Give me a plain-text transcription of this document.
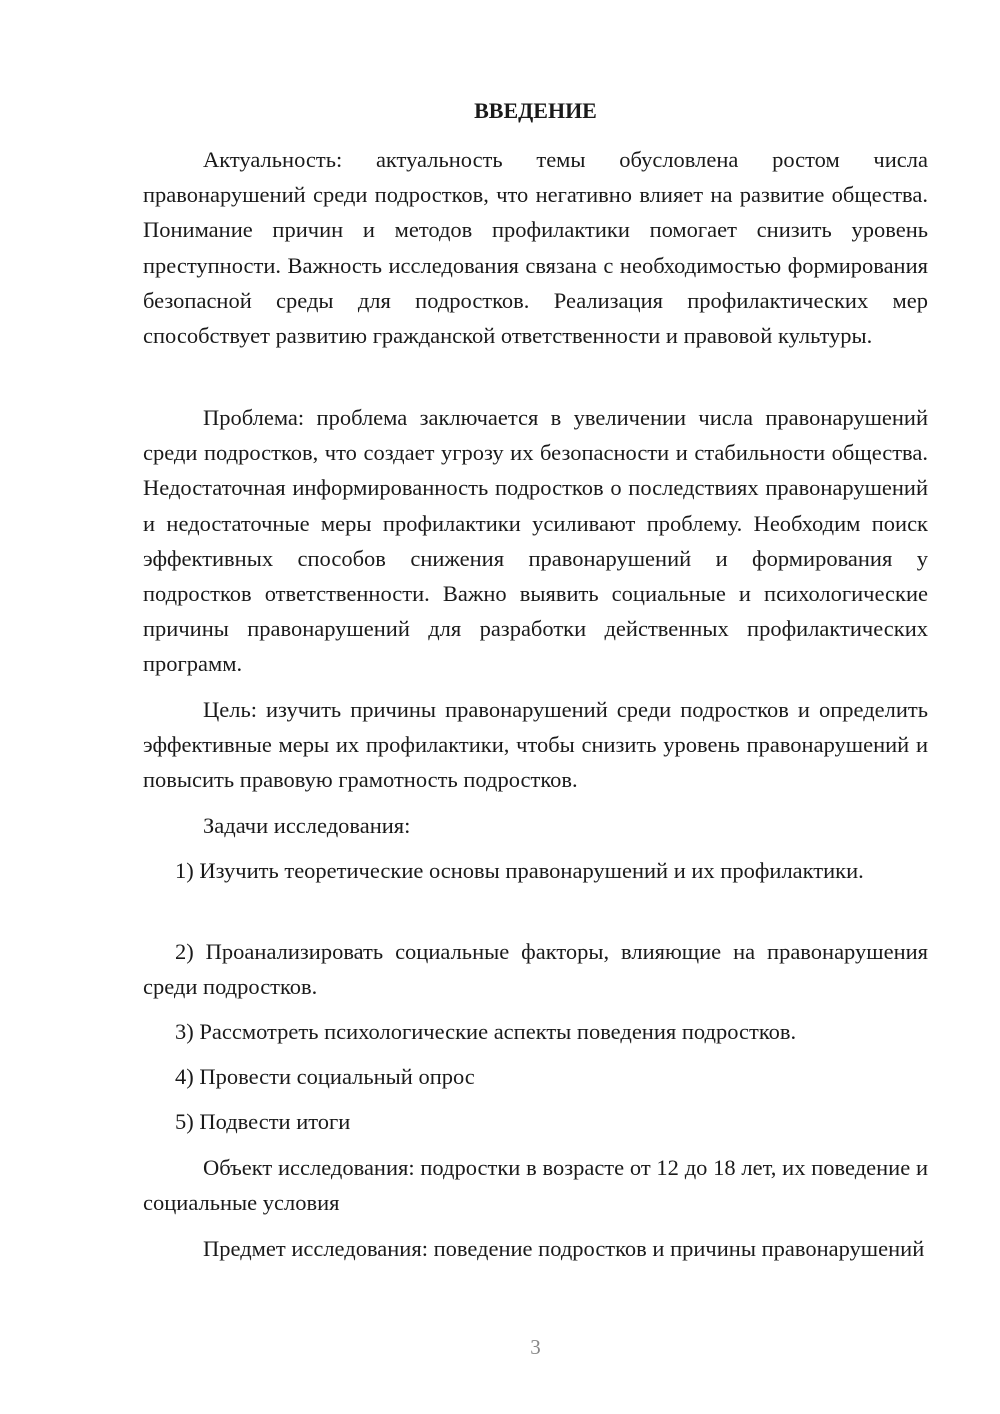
ВВЕДЕНИЕ

Актуальность: актуальность темы обусловлена ростом числа правонарушений среди подростков, что негативно влияет на развитие общества. Понимание причин и методов профилактики помогает снизить уровень преступности. Важность исследования связана с необходимостью формирования безопасной среды для подростков. Реализация профилактических мер способствует развитию гражданской ответственности и правовой культуры.

Проблема: проблема заключается в увеличении числа правонарушений среди подростков, что создает угрозу их безопасности и стабильности общества. Недостаточная информированность подростков о последствиях правонарушений и недостаточные меры профилактики усиливают проблему. Необходим поиск эффективных способов снижения правонарушений и формирования у подростков ответственности. Важно выявить социальные и психологические причины правонарушений для разработки действенных профилактических программ.

Цель: изучить причины правонарушений среди подростков и определить эффективные меры их профилактики, чтобы снизить уровень правонарушений и повысить правовую грамотность подростков.

Задачи исследования:

1) Изучить теоретические основы правонарушений и их профилактики.

2) Проанализировать социальные факторы, влияющие на правонарушения среди подростков.

3) Рассмотреть психологические аспекты поведения подростков.

4) Провести социальный опрос

5) Подвести итоги

Объект исследования: подростки в возрасте от 12 до 18 лет, их поведение и социальные условия

Предмет исследования: поведение подростков и причины правонарушений

3
